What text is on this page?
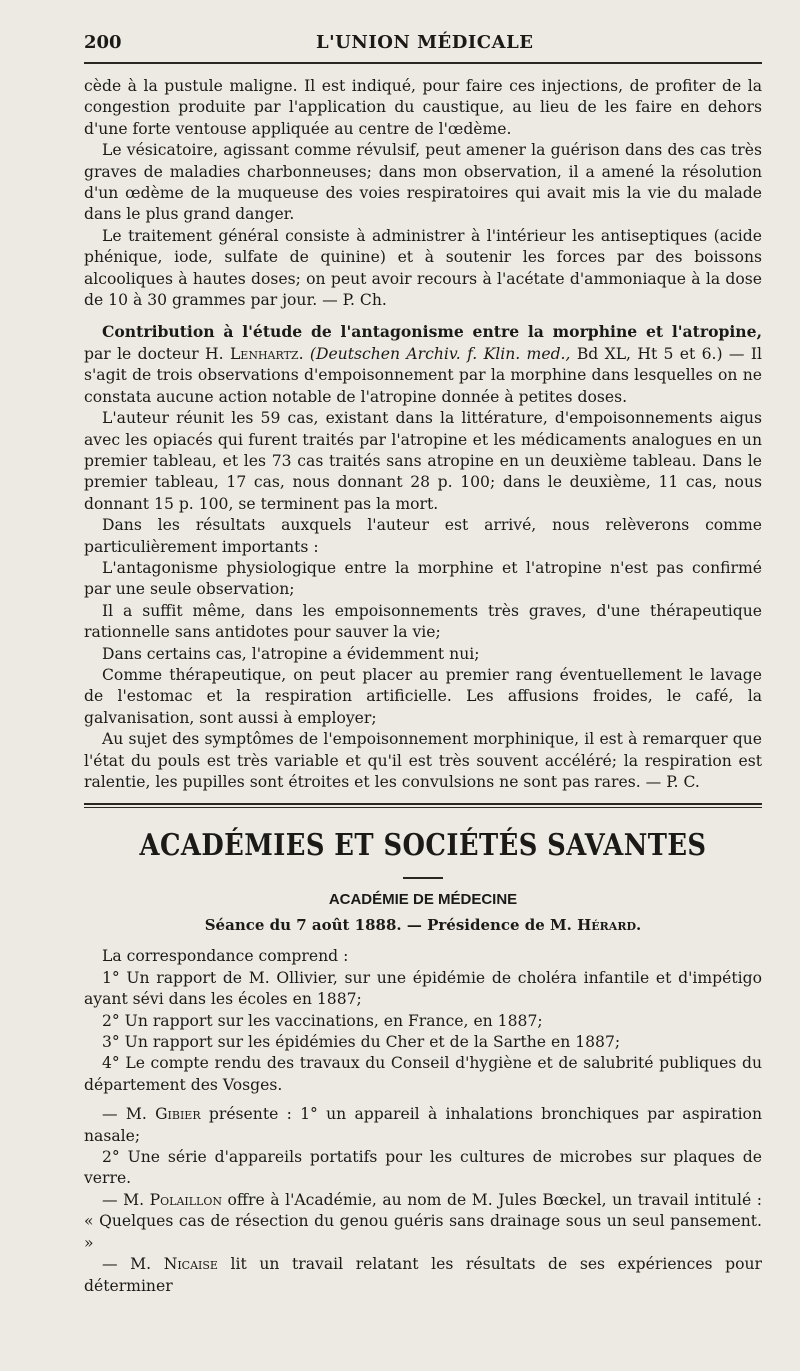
200	L'UNION MÉDICALE

cède à la pustule maligne. Il est indiqué, pour faire ces injections, de profiter de la congestion produite par l'application du caustique, au lieu de les faire en dehors d'une forte ventouse appliquée au centre de l'œdème.

Le vésicatoire, agissant comme révulsif, peut amener la guérison dans des cas très graves de maladies charbonneuses; dans mon observation, il a amené la résolution d'un œdème de la muqueuse des voies respiratoires qui avait mis la vie du malade dans le plus grand danger.

Le traitement général consiste à administrer à l'intérieur les antiseptiques (acide phénique, iode, sulfate de quinine) et à soutenir les forces par des boissons alcooliques à hautes doses; on peut avoir recours à l'acétate d'ammoniaque à la dose de 10 à 30 grammes par jour. — P. Ch.

Contribution à l'étude de l'antagonisme entre la morphine et l'atropine, par le docteur H. Lenhartz. (Deutschen Archiv. f. Klin. med., Bd XL, Ht 5 et 6.) — Il s'agit de trois observations d'empoisonnement par la morphine dans lesquelles on ne constata aucune action notable de l'atropine donnée à petites doses.

L'auteur réunit les 59 cas, existant dans la littérature, d'empoisonnements aigus avec les opiacés qui furent traités par l'atropine et les médicaments analogues en un premier tableau, et les 73 cas traités sans atropine en un deuxième tableau. Dans le premier tableau, 17 cas, nous donnant 28 p. 100; dans le deuxième, 11 cas, nous donnant 15 p. 100, se terminent pas la mort.

Dans les résultats auxquels l'auteur est arrivé, nous relèverons comme particulièrement importants :

L'antagonisme physiologique entre la morphine et l'atropine n'est pas confirmé par une seule observation;

Il a suffit même, dans les empoisonnements très graves, d'une thérapeutique rationnelle sans antidotes pour sauver la vie;

Dans certains cas, l'atropine a évidemment nui;

Comme thérapeutique, on peut placer au premier rang éventuellement le lavage de l'estomac et la respiration artificielle. Les affusions froides, le café, la galvanisation, sont aussi à employer;

Au sujet des symptômes de l'empoisonnement morphinique, il est à remarquer que l'état du pouls est très variable et qu'il est très souvent accéléré; la respiration est ralentie, les pupilles sont étroites et les convulsions ne sont pas rares. — P. C.

ACADÉMIES ET SOCIÉTÉS SAVANTES
ACADÉMIE DE MÉDECINE
Séance du 7 août 1888. — Présidence de M. Hérard.

La correspondance comprend :

1° Un rapport de M. Ollivier, sur une épidémie de choléra infantile et d'impétigo ayant sévi dans les écoles en 1887;

2° Un rapport sur les vaccinations, en France, en 1887;

3° Un rapport sur les épidémies du Cher et de la Sarthe en 1887;

4° Le compte rendu des travaux du Conseil d'hygiène et de salubrité publiques du département des Vosges.

— M. Gibier présente : 1° un appareil à inhalations bronchiques par aspiration nasale;

2° Une série d'appareils portatifs pour les cultures de microbes sur plaques de verre.

— M. Polaillon offre à l'Académie, au nom de M. Jules Bœckel, un travail intitulé : « Quelques cas de résection du genou guéris sans drainage sous un seul pansement. »

— M. Nicaise lit un travail relatant les résultats de ses expériences pour déterminer
